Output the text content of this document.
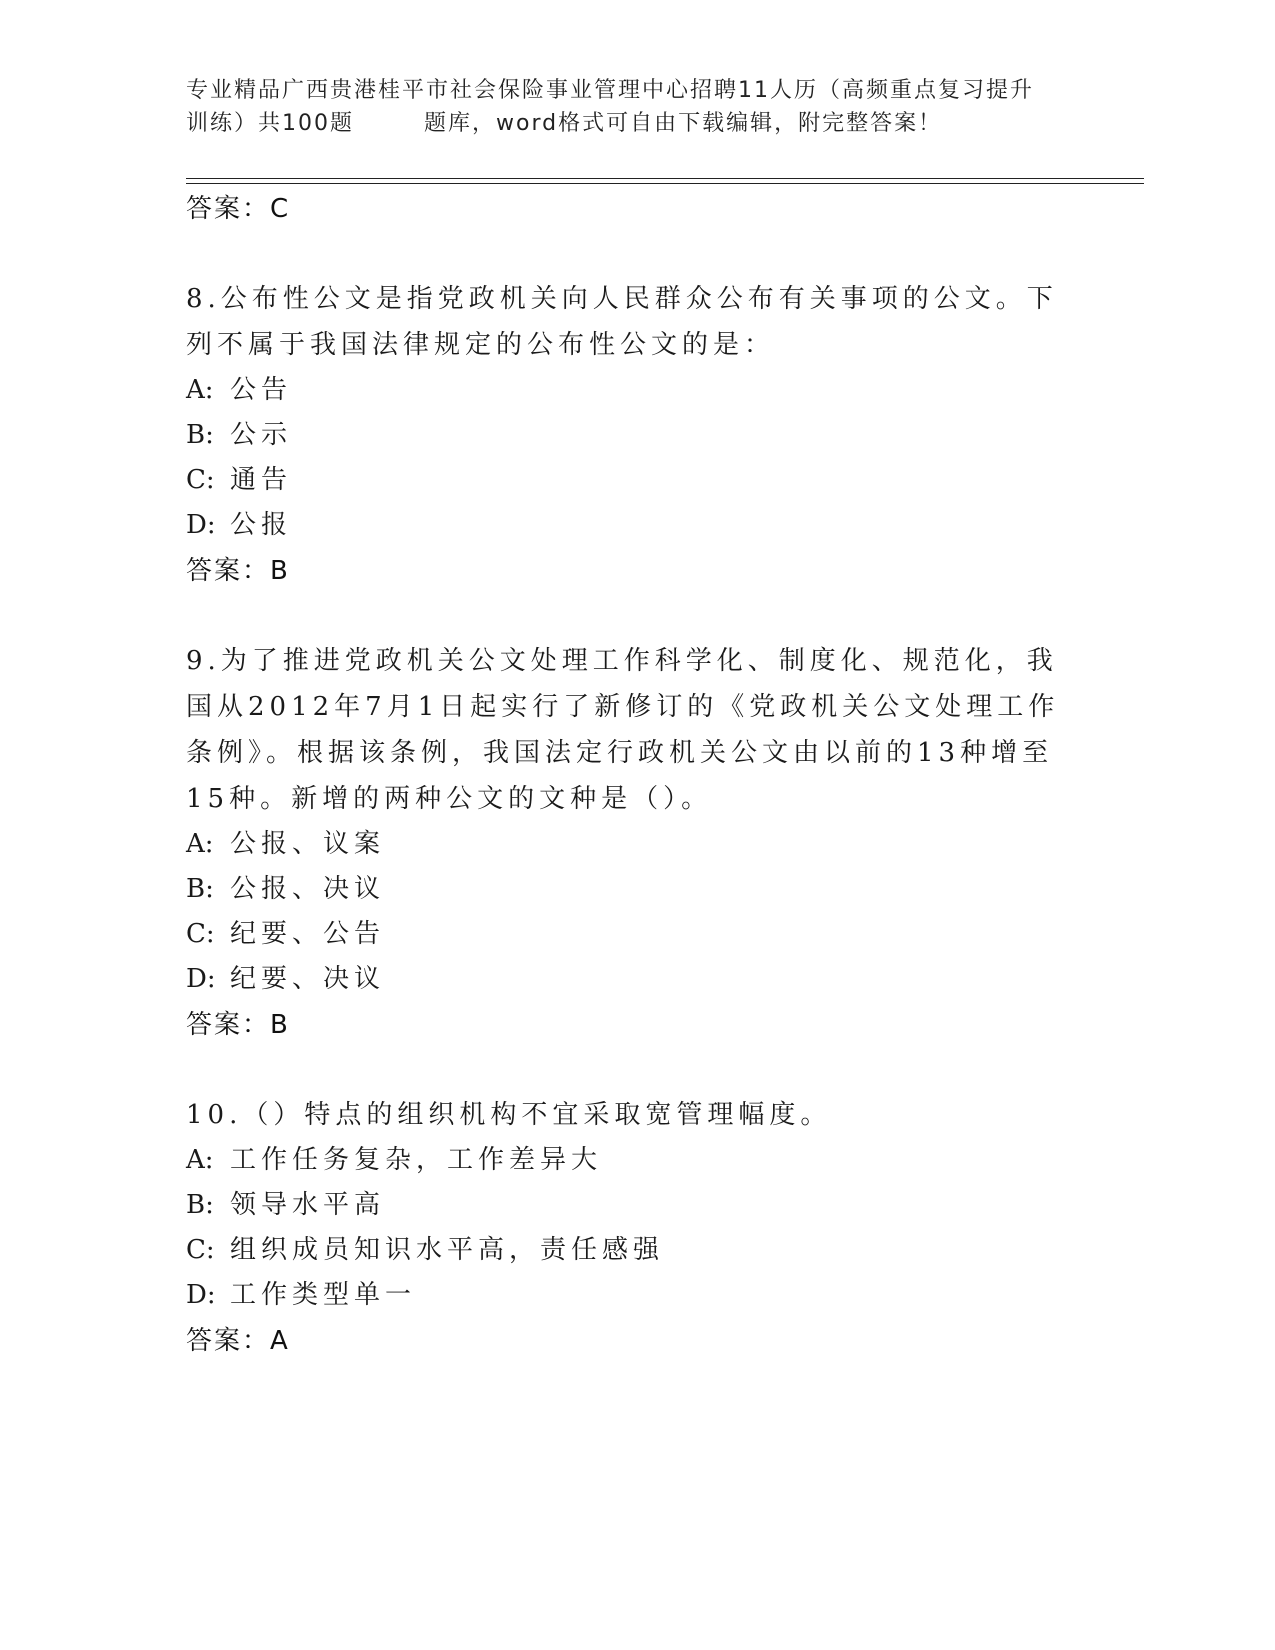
专业精品广西贵港桂平市社会保险事业管理中心招聘11人历（高频重点复习提升
训练）共100题	题库，word格式可自由下载编辑，附完整答案！
答案：C

8.公布性公文是指党政机关向人民群众公布有关事项的公文。下列不属于我国法律规定的公布性公文的是：

A: 公告
B: 公示
C: 通告
D: 公报
答案：B

9.为了推进党政机关公文处理工作科学化、制度化、规范化，我国从2012年7月1日起实行了新修订的《党政机关公文处理工作条例》。根据该条例，我国法定行政机关公文由以前的13种增至15种。新增的两种公文的文种是（）。

A: 公报、议案
B: 公报、决议
C: 纪要、公告
D: 纪要、决议
答案：B

10.（）特点的组织机构不宜采取宽管理幅度。

A: 工作任务复杂，工作差异大
B: 领导水平高
C: 组织成员知识水平高，责任感强
D: 工作类型单一
答案：A
